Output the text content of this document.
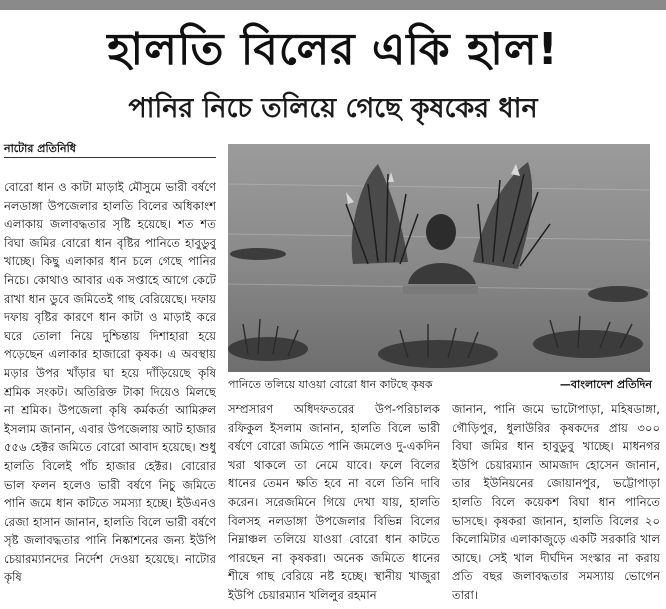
হালতি বিলের একি হাল!
পানির নিচে তলিয়ে গেছে কৃষকের ধান
নাটোর প্রতিনিধি

বোরো ধান ও কাটা মাড়াই মৌসুমে ভারী বর্ষণে নলডাঙ্গা উপজেলার হালতি বিলের অধিকাংশ এলাকায় জলাবদ্ধতার সৃষ্টি হয়েছে। শত শত বিঘা জমির বোরো ধান বৃষ্টির পানিতে হাবুডুবু খাচ্ছে। কিছু এলাকার ধান চলে গেছে পানির নিচে। কোথাও আবার এক সপ্তাহে আগে কেটে রাখা ধান ডুবে জমিতেই গাছ বেরিয়েছে। দফায় দফায় বৃষ্টির কারণে ধান কাটা ও মাড়াই করে ঘরে তোলা নিয়ে দুশ্চিন্তায় দিশাহারা হয়ে পড়েছেন এলাকার হাজারো কৃষক। এ অবস্থায় মড়ার উপর খাঁড়ার ঘা হয়ে দাঁড়িয়েছে কৃষি শ্রমিক সংকট। অতিরিক্ত টাকা দিয়েও মিলছে না শ্রমিক। উপজেলা কৃষি কর্মকর্তা আমিরুল ইসলাম জানান, এবার উপজেলায় আট হাজার ৫৫৬ হেক্টর জমিতে বোরো আবাদ হয়েছে। শুধু হালতি বিলেই পাঁচ হাজার হেক্টর। বোরোর ভাল ফলন হলেও ভারী বর্ষণে নিচু জমিতে পানি জমে ধান কাটতে সমস্যা হচ্ছে। ইউএনও রেজা হাসান জানান, হালতি বিলে ভারী বর্ষণে সৃষ্ট জলাবদ্ধতার পানি নিষ্কাশনের জন্য ইউপি চেয়ারম্যানদের নির্দেশ দেওয়া হয়েছে। নাটোর কৃষি

পানিতে তলিয়ে যাওয়া বোরো ধান কাটছে কৃষক	—বাংলাদেশ প্রতিদিন

সম্প্রসারণ অধিদফতরের উপ-পরিচালক রফিকুল ইসলাম জানান, হালতি বিলে ভারী বর্ষণে বোরো জমিতে পানি জমলেও দু-একদিন খরা থাকলে তা নেমে যাবে। ফলে বিলের ধানের তেমন ক্ষতি হবে না বলে তিনি দাবি করেন। সরেজমিনে গিয়ে দেখা যায়, হালতি বিলসহ নলডাঙ্গা উপজেলার বিভিন্ন বিলের নিম্নাঞ্চল তলিয়ে যাওয়া বোরো ধান কাটতে পারছেন না কৃষকরা। অনেক জমিতে ধানের শীষে গাছ বেরিয়ে নষ্ট হচ্ছে। স্থানীয় খাজুরা ইউপি চেয়ারম্যান খলিলুর রহমান

জানান, পানি জমে ভাটোপাড়া, মহিষডাঙ্গা, গৌড়িপুর, ধুলাউরির কৃষকদের প্রায় ৩০০ বিঘা জমির ধান হাবুডুবু খাচ্ছে। মাধনগর ইউপি চেয়ারম্যান আমজাদ হোসেন জানান, তার ইউনিয়নের জোয়ানপুর, ভট্টোপাড়া হালতি বিলে কয়েকশ বিঘা ধান পানিতে ভাসছে। কৃষকরা জানান, হালতি বিলের ২০ কিলোমিটার এলাকাজুড়ে একটি সরকারি খাল আছে। সেই খাল দীর্ঘদিন সংস্কার না করায় প্রতি বছর জলাবদ্ধতার সমস্যায় ভোগেন তারা।
